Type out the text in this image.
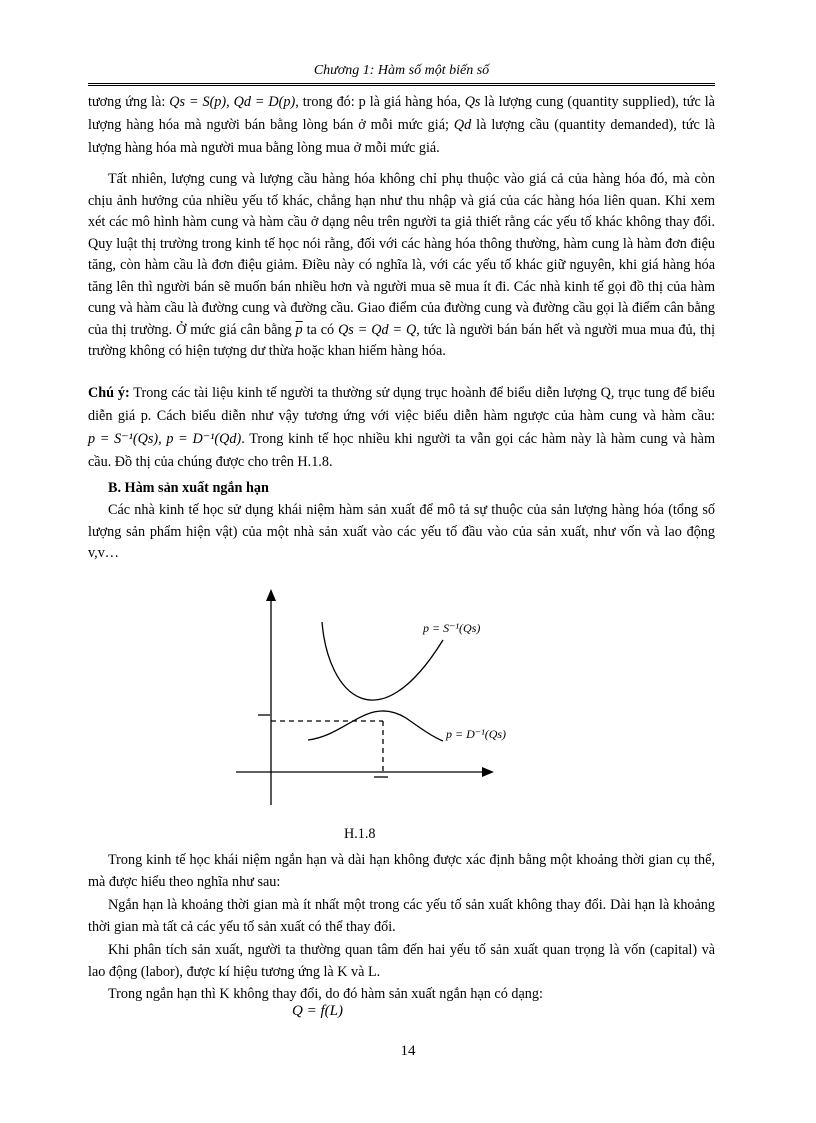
Chương 1: Hàm số một biến số

tương ứng là: Qs = S(p), Qd = D(p), trong đó: p là giá hàng hóa, Qs là lượng cung (quantity supplied), tức là lượng hàng hóa mà người bán bằng lòng bán ở mỗi mức giá; Qd là lượng cầu (quantity demanded), tức là lượng hàng hóa mà người mua bằng lòng mua ở mỗi mức giá.

Tất nhiên, lượng cung và lượng cầu hàng hóa không chỉ phụ thuộc vào giá cả của hàng hóa đó, mà còn chịu ảnh hưởng của nhiều yếu tố khác, chẳng hạn như thu nhập và giá của các hàng hóa liên quan. Khi xem xét các mô hình hàm cung và hàm cầu ở dạng nêu trên người ta giả thiết rằng các yếu tố khác không thay đổi. Quy luật thị trường trong kinh tế học nói rằng, đối với các hàng hóa thông thường, hàm cung là hàm đơn điệu tăng, còn hàm cầu là đơn điệu giảm. Điều này có nghĩa là, với các yếu tố khác giữ nguyên, khi giá hàng hóa tăng lên thì người bán sẽ muốn bán nhiều hơn và người mua sẽ mua ít đi. Các nhà kinh tế gọi đồ thị của hàm cung và hàm cầu là đường cung và đường cầu. Giao điểm của đường cung và đường cầu gọi là điểm cân bằng của thị trường. Ở mức giá cân bằng $\overline{p}$ ta có Qs = Qd = Q, tức là người bán bán hết và người mua mua đủ, thị trường không có hiện tượng dư thừa hoặc khan hiếm hàng hóa.

Chú ý: Trong các tài liệu kinh tế người ta thường sử dụng trục hoành để biểu diễn lượng Q, trục tung để biểu diễn giá p. Cách biểu diễn như vậy tương ứng với việc biểu diễn hàm ngược của hàm cung và hàm cầu: p = S⁻¹(Qs), p = D⁻¹(Qd). Trong kinh tế học nhiều khi người ta vẫn gọi các hàm này là hàm cung và hàm cầu. Đồ thị của chúng được cho trên H.1.8.

B. Hàm sản xuất ngắn hạn

Các nhà kinh tế học sử dụng khái niệm hàm sản xuất để mô tả sự thuộc của sản lượng hàng hóa (tổng số lượng sản phẩm hiện vật) của một nhà sản xuất vào các yếu tố đầu vào của sản xuất, như vốn và lao động v,v…

p = S⁻¹(Qs)
p = D⁻¹(Qs)
H.1.8

Trong kinh tế học khái niệm ngắn hạn và dài hạn không được xác định bằng một khoảng thời gian cụ thể, mà được hiểu theo nghĩa như sau:

Ngắn hạn là khoảng thời gian mà ít nhất một trong các yếu tố sản xuất không thay đổi. Dài hạn là khoảng thời gian mà tất cả các yếu tố sản xuất có thể thay đổi.

Khi phân tích sản xuất, người ta thường quan tâm đến hai yếu tố sản xuất quan trọng là vốn (capital) và lao động (labor), được kí hiệu tương ứng là K và L.

Trong ngắn hạn thì K không thay đổi, do đó hàm sản xuất ngắn hạn có dạng:

Q = f(L)
14
